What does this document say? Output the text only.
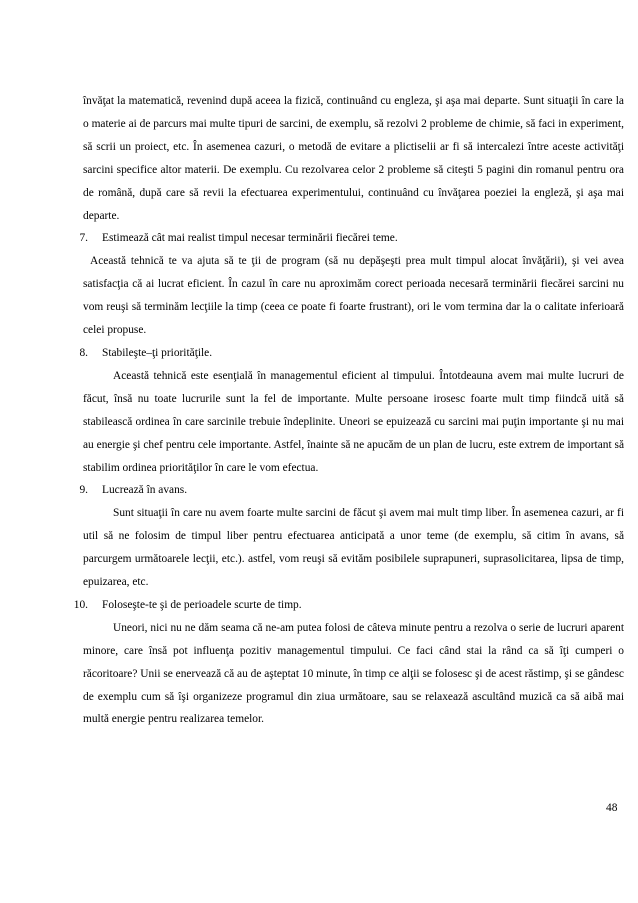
învăţat la matematică, revenind după aceea la fizică, continuând cu engleza, şi aşa mai departe. Sunt situaţii în care la o materie ai de parcurs mai multe tipuri de sarcini, de exemplu, să rezolvi 2 probleme de chimie, să faci in experiment, să scrii un proiect, etc. În asemenea cazuri, o metodă de evitare a plictiselii ar fi să intercalezi între aceste activităţi sarcini specifice altor materii. De exemplu. Cu rezolvarea celor 2 probleme să citeşti 5 pagini din romanul pentru ora de română, după care să revii la efectuarea experimentului, continuând cu învăţarea poeziei la engleză, şi aşa mai departe.

7. Estimează cât mai realist timpul necesar terminării fiecărei teme.

Această tehnică te va ajuta să te ţii de program (să nu depăşeşti prea mult timpul alocat învăţării), şi vei avea satisfacţia că ai lucrat eficient. În cazul în care nu aproximăm corect perioada necesară terminării fiecărei sarcini nu vom reuşi să terminăm lecţiile la timp (ceea ce poate fi foarte frustrant), ori le vom termina dar la o calitate inferioară celei propuse.

8. Stabileşte–ţi priorităţile.

Această tehnică este esenţială în managementul eficient al timpului. Întotdeauna avem mai multe lucruri de făcut, însă nu toate lucrurile sunt la fel de importante. Multe persoane irosesc foarte mult timp fiindcă uită să stabilească ordinea în care sarcinile trebuie îndeplinite. Uneori se epuizează cu sarcini mai puţin importante şi nu mai au energie şi chef pentru cele importante. Astfel, înainte să ne apucăm de un plan de lucru, este extrem de important să stabilim ordinea priorităţilor în care le vom efectua.

9. Lucrează în avans.

Sunt situaţii în care nu avem foarte multe sarcini de făcut şi avem mai mult timp liber. În asemenea cazuri, ar fi util să ne folosim de timpul liber pentru efectuarea anticipată a unor teme (de exemplu, să citim în avans, să parcurgem următoarele lecţii, etc.). astfel, vom reuşi să evităm posibilele suprapuneri, suprasolicitarea, lipsa de timp, epuizarea, etc.

10. Foloseşte-te şi de perioadele scurte de timp.

Uneori, nici nu ne dăm seama că ne-am putea folosi de câteva minute pentru a rezolva o serie de lucruri aparent minore, care însă pot influenţa pozitiv managementul timpului. Ce faci când stai la rând ca să îţi cumperi o răcoritoare? Unii se enervează că au de aşteptat 10 minute, în timp ce alţii se folosesc şi de acest răstimp, şi se gândesc de exemplu cum să îşi organizeze programul din ziua următoare, sau se relaxează ascultând muzică ca să aibă mai multă energie pentru realizarea temelor.

48
